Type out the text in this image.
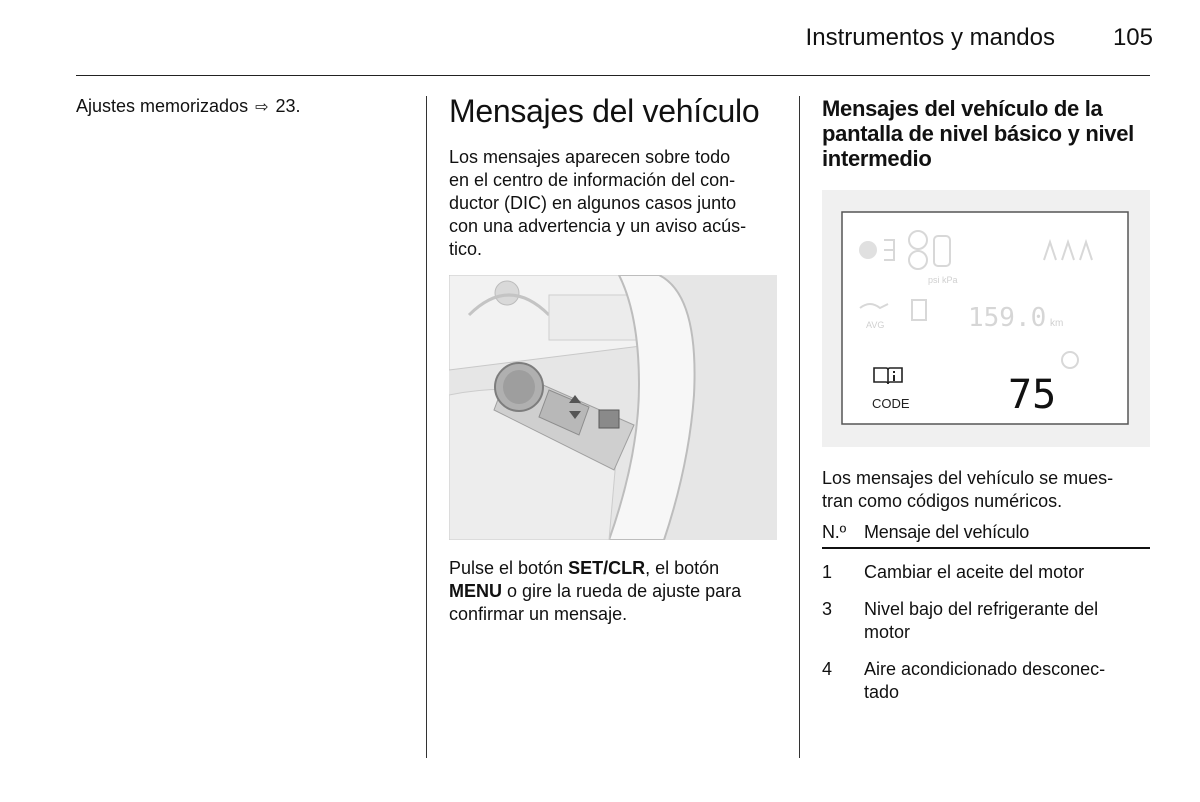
Instrumentos y mandos	105
Ajustes memorizados ⇨ 23.	Mensajes del vehículo

Los mensajes aparecen sobre todo
en el centro de información del con-
ductor (DIC) en algunos casos junto
con una advertencia y un aviso acús-
tico.

Pulse el botón SET/CLR, el botón
MENU o gire la rueda de ajuste para
confirmar un mensaje.

Mensajes del vehículo de la
pantalla de nivel básico y nivel
intermedio
psi kPa
AVG	159.0 km
CODE 75

Los mensajes del vehículo se mues-
tran como códigos numéricos.

N.º	Mensaje del vehículo
1	Cambiar el aceite del motor
3	Nivel bajo del refrigerante del
motor
4	Aire acondicionado desconec-
tado
